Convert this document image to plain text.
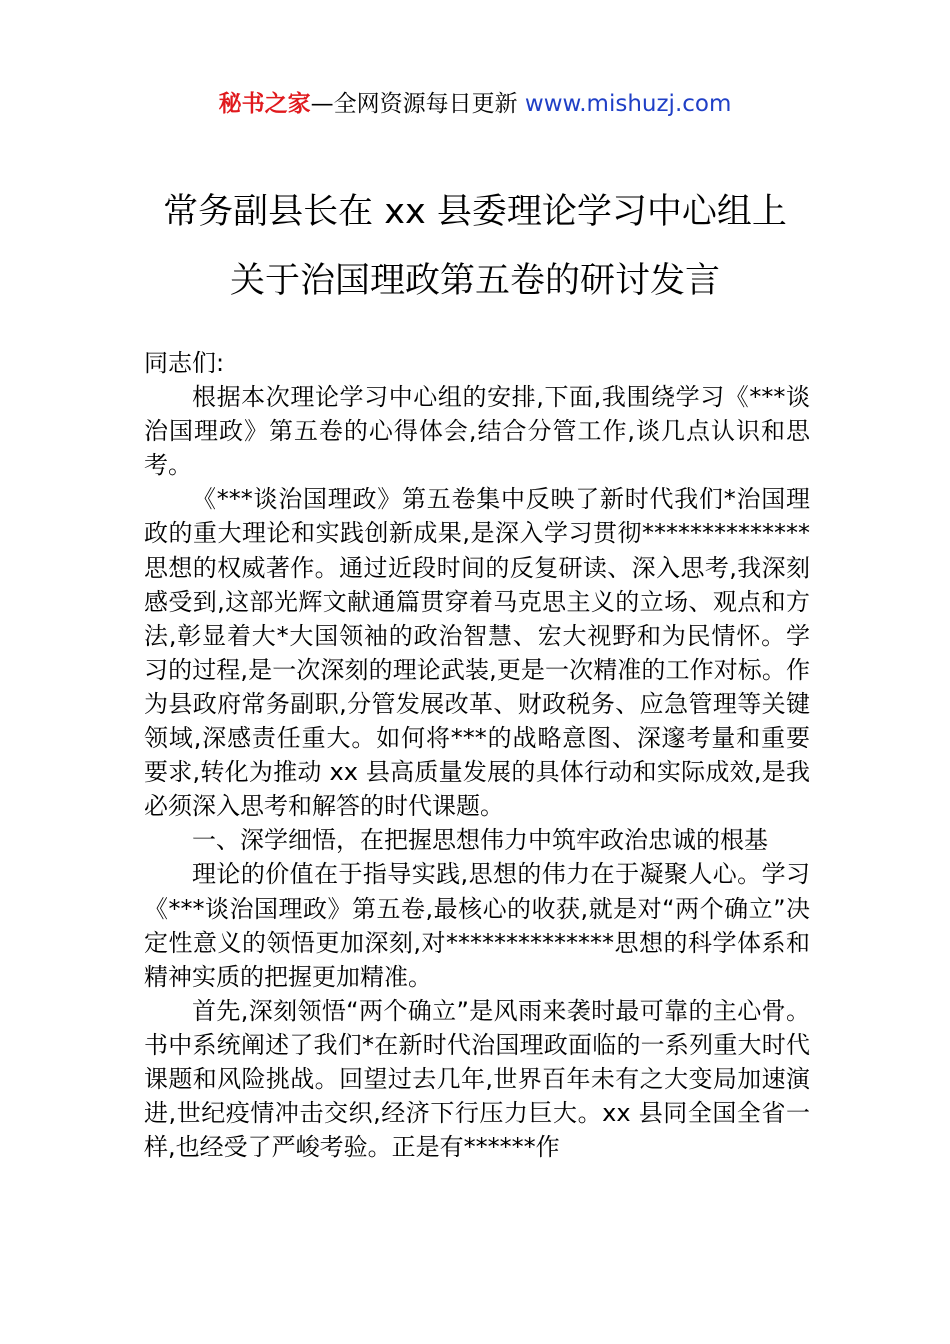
秘书之家—全网资源每日更新 www.mishuzj.com
常务副县长在 xx 县委理论学习中心组上
关于治国理政第五卷的研讨发言

同志们:

根据本次理论学习中心组的安排,下面,我围绕学习《***谈治国理政》第五卷的心得体会,结合分管工作,谈几点认识和思考。

《***谈治国理政》第五卷集中反映了新时代我们*治国理政的重大理论和实践创新成果,是深入学习贯彻**************思想的权威著作。通过近段时间的反复研读、深入思考,我深刻感受到,这部光辉文献通篇贯穿着马克思主义的立场、观点和方法,彰显着大*大国领袖的政治智慧、宏大视野和为民情怀。学习的过程,是一次深刻的理论武装,更是一次精准的工作对标。作为县政府常务副职,分管发展改革、财政税务、应急管理等关键领域,深感责任重大。如何将***的战略意图、深邃考量和重要要求,转化为推动 xx 县高质量发展的具体行动和实际成效,是我必须深入思考和解答的时代课题。

一、深学细悟，在把握思想伟力中筑牢政治忠诚的根基

理论的价值在于指导实践,思想的伟力在于凝聚人心。学习《***谈治国理政》第五卷,最核心的收获,就是对“两个确立”决定性意义的领悟更加深刻,对**************思想的科学体系和精神实质的把握更加精准。

首先,深刻领悟“两个确立”是风雨来袭时最可靠的主心骨。书中系统阐述了我们*在新时代治国理政面临的一系列重大时代课题和风险挑战。回望过去几年,世界百年未有之大变局加速演进,世纪疫情冲击交织,经济下行压力巨大。xx 县同全国全省一样,也经受了严峻考验。正是有******作
